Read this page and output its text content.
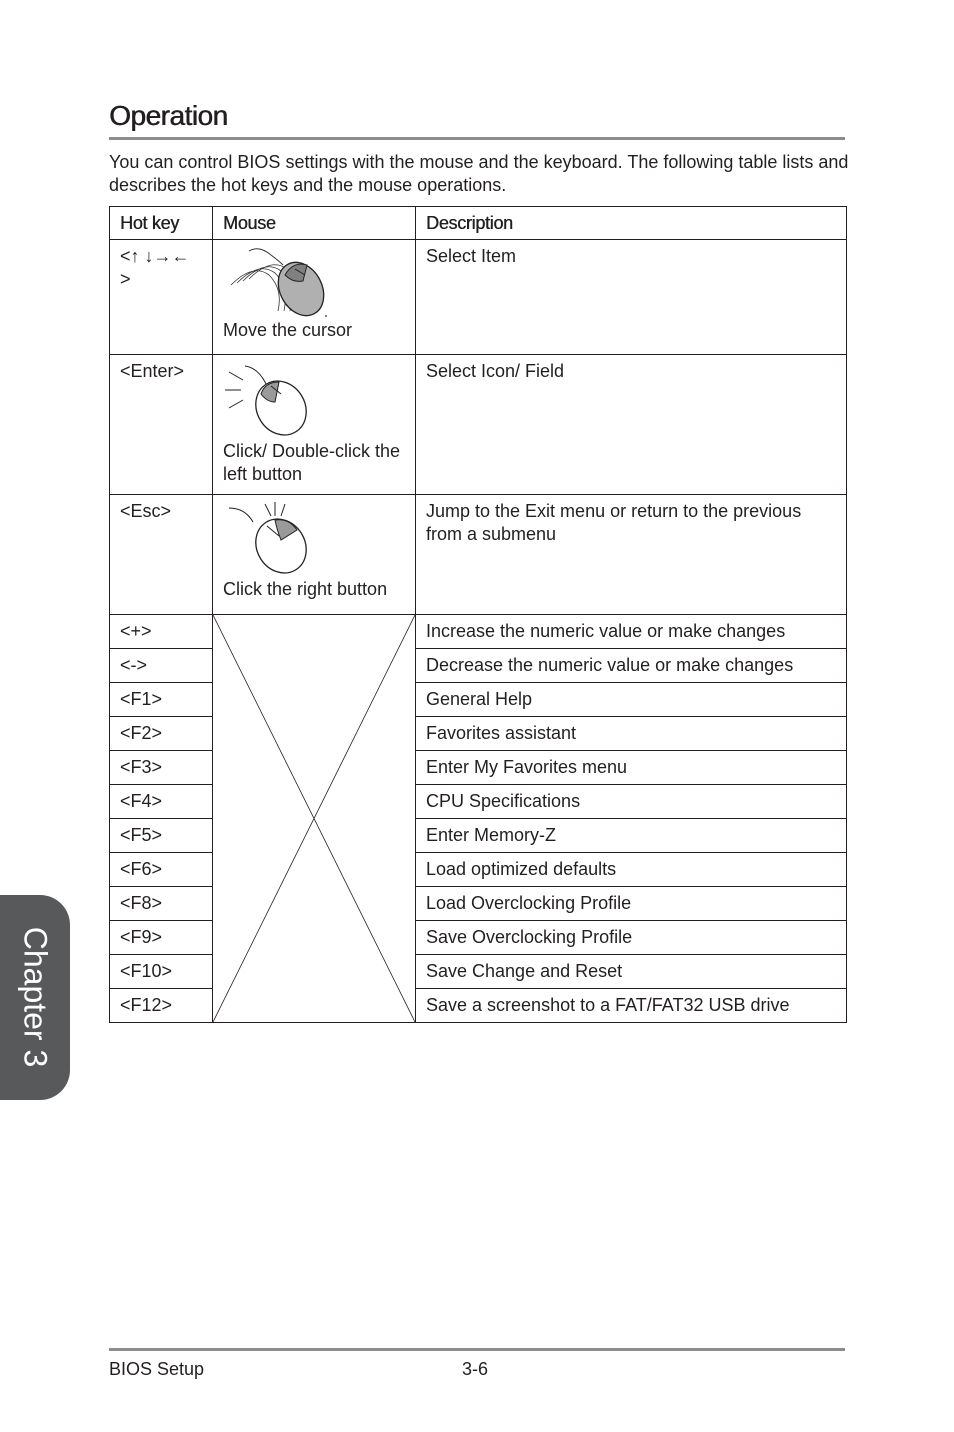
Operation
You can control BIOS settings with the mouse and the keyboard. The following table lists and describes the hot keys and the mouse operations.
Hot key	Mouse	Description
<↑ ↓→← >	Move the cursor	Select Item
<Enter>	Click/ Double-click the left button	Select Icon/ Field
<Esc>	Click the right button	Jump to the Exit menu or return to the previous from a submenu
<+>		Increase the numeric value or make changes
<->		Decrease the numeric value or make changes
<F1>		General Help
<F2>		Favorites assistant
<F3>		Enter My Favorites menu
<F4>		CPU Specifications
<F5>		Enter Memory-Z
<F6>		Load optimized defaults
<F8>		Load Overclocking Profile
<F9>		Save Overclocking Profile
<F10>		Save Change and Reset
<F12>		Save a screenshot to a FAT/FAT32 USB drive
Chapter 3
BIOS Setup	3-6
